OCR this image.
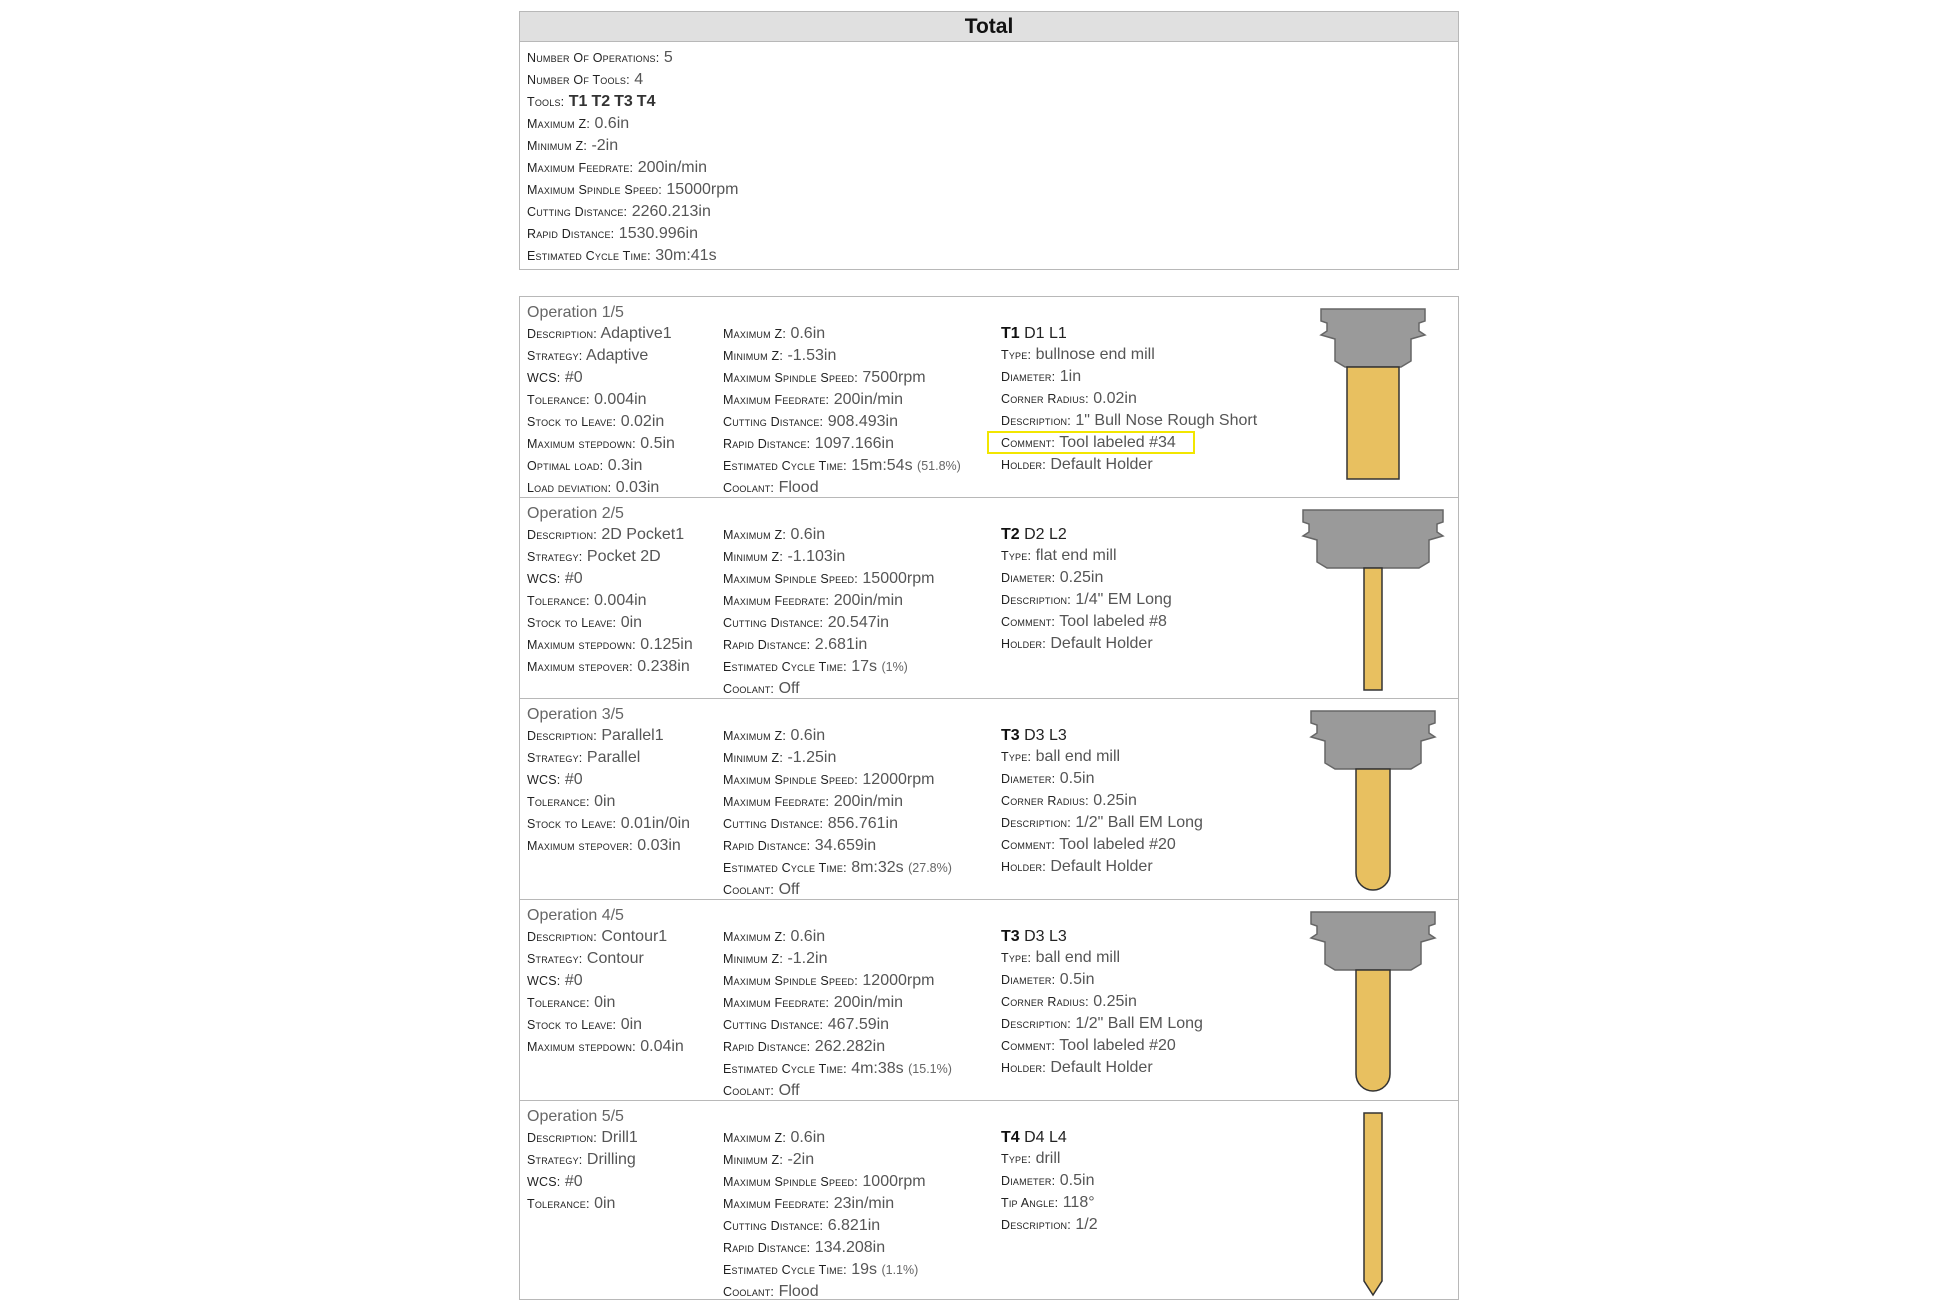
Total
Number Of Operations: 5
Number Of Tools: 4
Tools: T1 T2 T3 T4
Maximum Z: 0.6in
Minimum Z: -2in
Maximum Feedrate: 200in/min
Maximum Spindle Speed: 15000rpm
Cutting Distance: 2260.213in
Rapid Distance: 1530.996in
Estimated Cycle Time: 30m:41s
Operation 1/5
Description: Adaptive1
Strategy: Adaptive
WCS: #0
Tolerance: 0.004in
Stock to Leave: 0.02in
Maximum stepdown: 0.5in
Optimal load: 0.3in
Load deviation: 0.03in
Maximum Z: 0.6in
Minimum Z: -1.53in
Maximum Spindle Speed: 7500rpm
Maximum Feedrate: 200in/min
Cutting Distance: 908.493in
Rapid Distance: 1097.166in
Estimated Cycle Time: 15m:54s (51.8%)
Coolant: Flood
T1 D1 L1
Type: bullnose end mill
Diameter: 1in
Corner Radius: 0.02in
Description: 1" Bull Nose Rough Short
Comment: Tool labeled #34
Holder: Default Holder
Operation 2/5
Description: 2D Pocket1
Strategy: Pocket 2D
WCS: #0
Tolerance: 0.004in
Stock to Leave: 0in
Maximum stepdown: 0.125in
Maximum stepover: 0.238in
Maximum Z: 0.6in
Minimum Z: -1.103in
Maximum Spindle Speed: 15000rpm
Maximum Feedrate: 200in/min
Cutting Distance: 20.547in
Rapid Distance: 2.681in
Estimated Cycle Time: 17s (1%)
Coolant: Off
T2 D2 L2
Type: flat end mill
Diameter: 0.25in
Description: 1/4" EM Long
Comment: Tool labeled #8
Holder: Default Holder
Operation 3/5
Description: Parallel1
Strategy: Parallel
WCS: #0
Tolerance: 0in
Stock to Leave: 0.01in/0in
Maximum stepover: 0.03in
Maximum Z: 0.6in
Minimum Z: -1.25in
Maximum Spindle Speed: 12000rpm
Maximum Feedrate: 200in/min
Cutting Distance: 856.761in
Rapid Distance: 34.659in
Estimated Cycle Time: 8m:32s (27.8%)
Coolant: Off
T3 D3 L3
Type: ball end mill
Diameter: 0.5in
Corner Radius: 0.25in
Description: 1/2" Ball EM Long
Comment: Tool labeled #20
Holder: Default Holder
Operation 4/5
Description: Contour1
Strategy: Contour
WCS: #0
Tolerance: 0in
Stock to Leave: 0in
Maximum stepdown: 0.04in
Maximum Z: 0.6in
Minimum Z: -1.2in
Maximum Spindle Speed: 12000rpm
Maximum Feedrate: 200in/min
Cutting Distance: 467.59in
Rapid Distance: 262.282in
Estimated Cycle Time: 4m:38s (15.1%)
Coolant: Off
T3 D3 L3
Type: ball end mill
Diameter: 0.5in
Corner Radius: 0.25in
Description: 1/2" Ball EM Long
Comment: Tool labeled #20
Holder: Default Holder
Operation 5/5
Description: Drill1
Strategy: Drilling
WCS: #0
Tolerance: 0in
Maximum Z: 0.6in
Minimum Z: -2in
Maximum Spindle Speed: 1000rpm
Maximum Feedrate: 23in/min
Cutting Distance: 6.821in
Rapid Distance: 134.208in
Estimated Cycle Time: 19s (1.1%)
Coolant: Flood
T4 D4 L4
Type: drill
Diameter: 0.5in
Tip Angle: 118°
Description: 1/2
